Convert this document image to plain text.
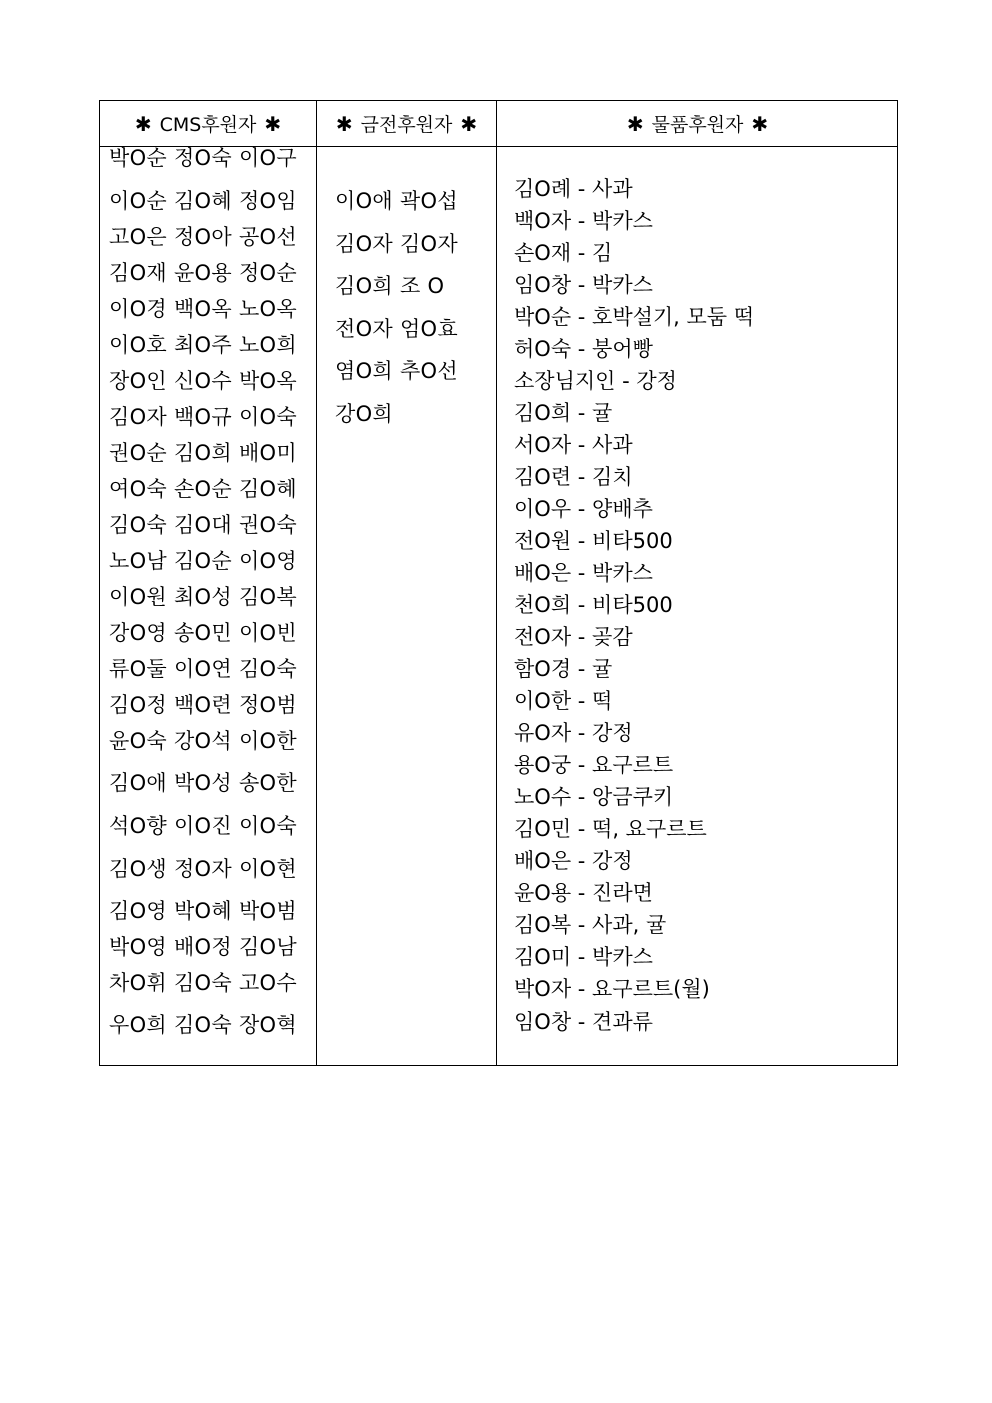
✱ CMS후원자 ✱	✱ 금전후원자 ✱	✱ 물품후원자 ✱
박O순 정O숙 이O구
이O순 김O혜 정O임
고O은 정O아 공O선
김O재 윤O용 정O순
이O경 백O옥 노O옥
이O호 최O주 노O희
장O인 신O수 박O옥
김O자 백O규 이O숙
권O순 김O희 배O미
여O숙 손O순 김O혜
김O숙 김O대 권O숙
노O남 김O순 이O영
이O원 최O성 김O복
강O영 송O민 이O빈
류O둘 이O연 김O숙
김O정 백O련 정O범
윤O숙 강O석 이O한
김O애 박O성 송O한
석O향 이O진 이O숙
김O생 정O자 이O현
김O영 박O혜 박O범
박O영 배O정 김O남
차O휘 김O숙 고O수
우O희 김O숙 장O혁
이O애 곽O섭
김O자 김O자
김O희 조 O
전O자 엄O효
염O희 추O선
강O희
김O례 - 사과
백O자 - 박카스
손O재 - 김
임O창 - 박카스
박O순 - 호박설기, 모둠 떡
허O숙 - 붕어빵
소장님지인 - 강정
김O희 - 귤
서O자 - 사과
김O련 - 김치
이O우 - 양배추
전O원 - 비타500
배O은 - 박카스
천O희 - 비타500
전O자 - 곶감
함O경 - 귤
이O한 - 떡
유O자 - 강정
용O궁 - 요구르트
노O수 - 앙금쿠키
김O민 - 떡, 요구르트
배O은 - 강정
윤O용 - 진라면
김O복 - 사과, 귤
김O미 - 박카스
박O자 - 요구르트(월)
임O창 - 견과류
